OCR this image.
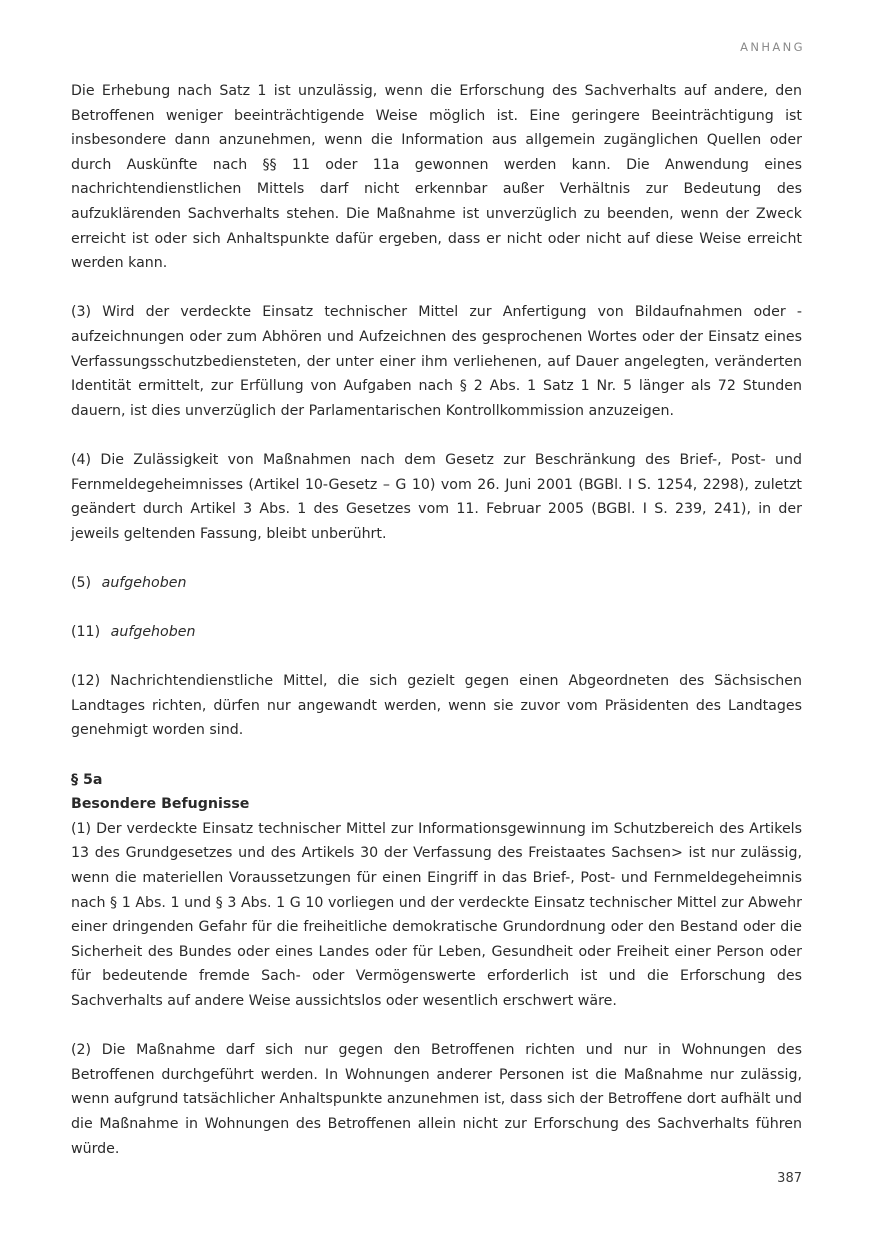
ANHANG

Die Erhebung nach Satz 1 ist unzulässig, wenn die Erforschung des Sachverhalts auf andere, den Betroffenen weniger beeinträchtigende Weise möglich ist. Eine geringere Beeinträchtigung ist insbesondere dann anzunehmen, wenn die Information aus allgemein zugänglichen Quellen oder durch Auskünfte nach §§ 11 oder 11a gewonnen werden kann. Die Anwendung eines nachrichtendienstlichen Mittels darf nicht erkennbar außer Verhältnis zur Bedeutung des aufzuklärenden Sachverhalts stehen. Die Maßnahme ist unverzüglich zu beenden, wenn der Zweck erreicht ist oder sich Anhaltspunkte dafür ergeben, dass er nicht oder nicht auf diese Weise erreicht werden kann.

(3) Wird der verdeckte Einsatz technischer Mittel zur Anfertigung von Bildaufnahmen oder -aufzeichnungen oder zum Abhören und Aufzeichnen des gesprochenen Wortes oder der Einsatz eines Verfassungsschutzbediensteten, der unter einer ihm verliehenen, auf Dauer angelegten, veränderten Identität ermittelt, zur Erfüllung von Aufgaben nach § 2 Abs. 1 Satz 1 Nr. 5 länger als 72 Stunden dauern, ist dies unverzüglich der Parlamentarischen Kontrollkommission anzuzeigen.

(4) Die Zulässigkeit von Maßnahmen nach dem Gesetz zur Beschränkung des Brief-, Post- und Fernmeldegeheimnisses (Artikel 10-Gesetz – G 10) vom 26. Juni 2001 (BGBl. I S. 1254, 2298), zuletzt geändert durch Artikel 3 Abs. 1 des Gesetzes vom 11. Februar 2005 (BGBl. I S. 239, 241), in der jeweils geltenden Fassung, bleibt unberührt.

(5) aufgehoben

(11) aufgehoben

(12) Nachrichtendienstliche Mittel, die sich gezielt gegen einen Abgeordneten des Sächsischen Landtages richten, dürfen nur angewandt werden, wenn sie zuvor vom Präsidenten des Landtages genehmigt worden sind.

§ 5a

Besondere Befugnisse

(1) Der verdeckte Einsatz technischer Mittel zur Informationsgewinnung im Schutzbereich des Artikels 13 des Grundgesetzes und des Artikels 30 der Verfassung des Freistaates Sachsen> ist nur zulässig, wenn die materiellen Voraussetzungen für einen Eingriff in das Brief-, Post- und Fernmeldegeheimnis nach § 1 Abs. 1 und § 3 Abs. 1 G 10 vorliegen und der verdeckte Einsatz technischer Mittel zur Abwehr einer dringenden Gefahr für die freiheitliche demokratische Grundordnung oder den Bestand oder die Sicherheit des Bundes oder eines Landes oder für Leben, Gesundheit oder Freiheit einer Person oder für bedeutende fremde Sach- oder Vermögenswerte erforderlich ist und die Erforschung des Sachverhalts auf andere Weise aussichtslos oder wesentlich erschwert wäre.

(2) Die Maßnahme darf sich nur gegen den Betroffenen richten und nur in Wohnungen des Betroffenen durchgeführt werden. In Wohnungen anderer Personen ist die Maßnahme nur zulässig, wenn aufgrund tatsächlicher Anhaltspunkte anzunehmen ist, dass sich der Betroffene dort aufhält und die Maßnahme in Wohnungen des Betroffenen allein nicht zur Erforschung des Sachverhalts führen würde.

387
